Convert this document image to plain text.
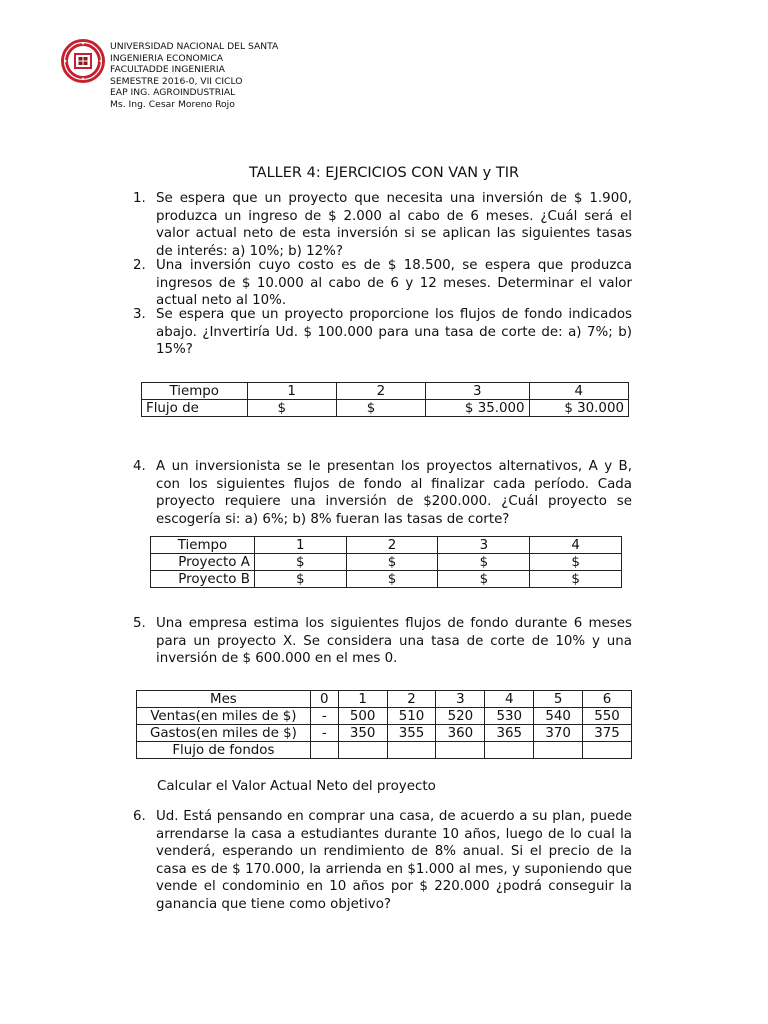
UNIVERSIDAD NACIONAL DEL SANTA
INGENIERIA ECONOMICA
FACULTADDE INGENIERIA
SEMESTRE 2016-0, VII CICLO
EAP ING. AGROINDUSTRIAL
Ms. Ing. Cesar Moreno Rojo
TALLER 4: EJERCICIOS CON VAN y TIR
1. Se espera que un proyecto que necesita una inversión de $ 1.900, produzca un ingreso de $ 2.000 al cabo de 6 meses. ¿Cuál será el valor actual neto de esta inversión si se aplican las siguientes tasas de interés: a) 10%; b) 12%?
2. Una inversión cuyo costo es de $ 18.500, se espera que produzca ingresos de $ 10.000 al cabo de 6 y 12 meses. Determinar el valor actual neto al 10%.
3. Se espera que un proyecto proporcione los flujos de fondo indicados abajo. ¿Invertiría Ud. $ 100.000 para una tasa de corte de: a) 7%; b) 15%?
Tiempo	1	2	3	4
Flujo de	$	$	$ 35.000	$ 30.000
4. A un inversionista se le presentan los proyectos alternativos, A y B, con los siguientes flujos de fondo al finalizar cada período. Cada proyecto requiere una inversión de $200.000. ¿Cuál proyecto se escogería si: a) 6%; b) 8% fueran las tasas de corte?
Tiempo	1	2	3	4
Proyecto A	$	$	$	$
Proyecto B	$	$	$	$
5. Una empresa estima los siguientes flujos de fondo durante 6 meses para un proyecto X. Se considera una tasa de corte de 10% y una inversión de $ 600.000 en el mes 0.
Mes	0	1	2	3	4	5	6
Ventas(en miles de $)	-	500	510	520	530	540	550
Gastos(en miles de $)	-	350	355	360	365	370	375
Flujo de fondos							
Calcular el Valor Actual Neto del proyecto
6. Ud. Está pensando en comprar una casa, de acuerdo a su plan, puede arrendarse la casa a estudiantes durante 10 años, luego de lo cual la venderá, esperando un rendimiento de 8% anual. Si el precio de la casa es de $ 170.000, la arrienda en $1.000 al mes, y suponiendo que vende el condominio en 10 años por $ 220.000 ¿podrá conseguir la ganancia que tiene como objetivo?
